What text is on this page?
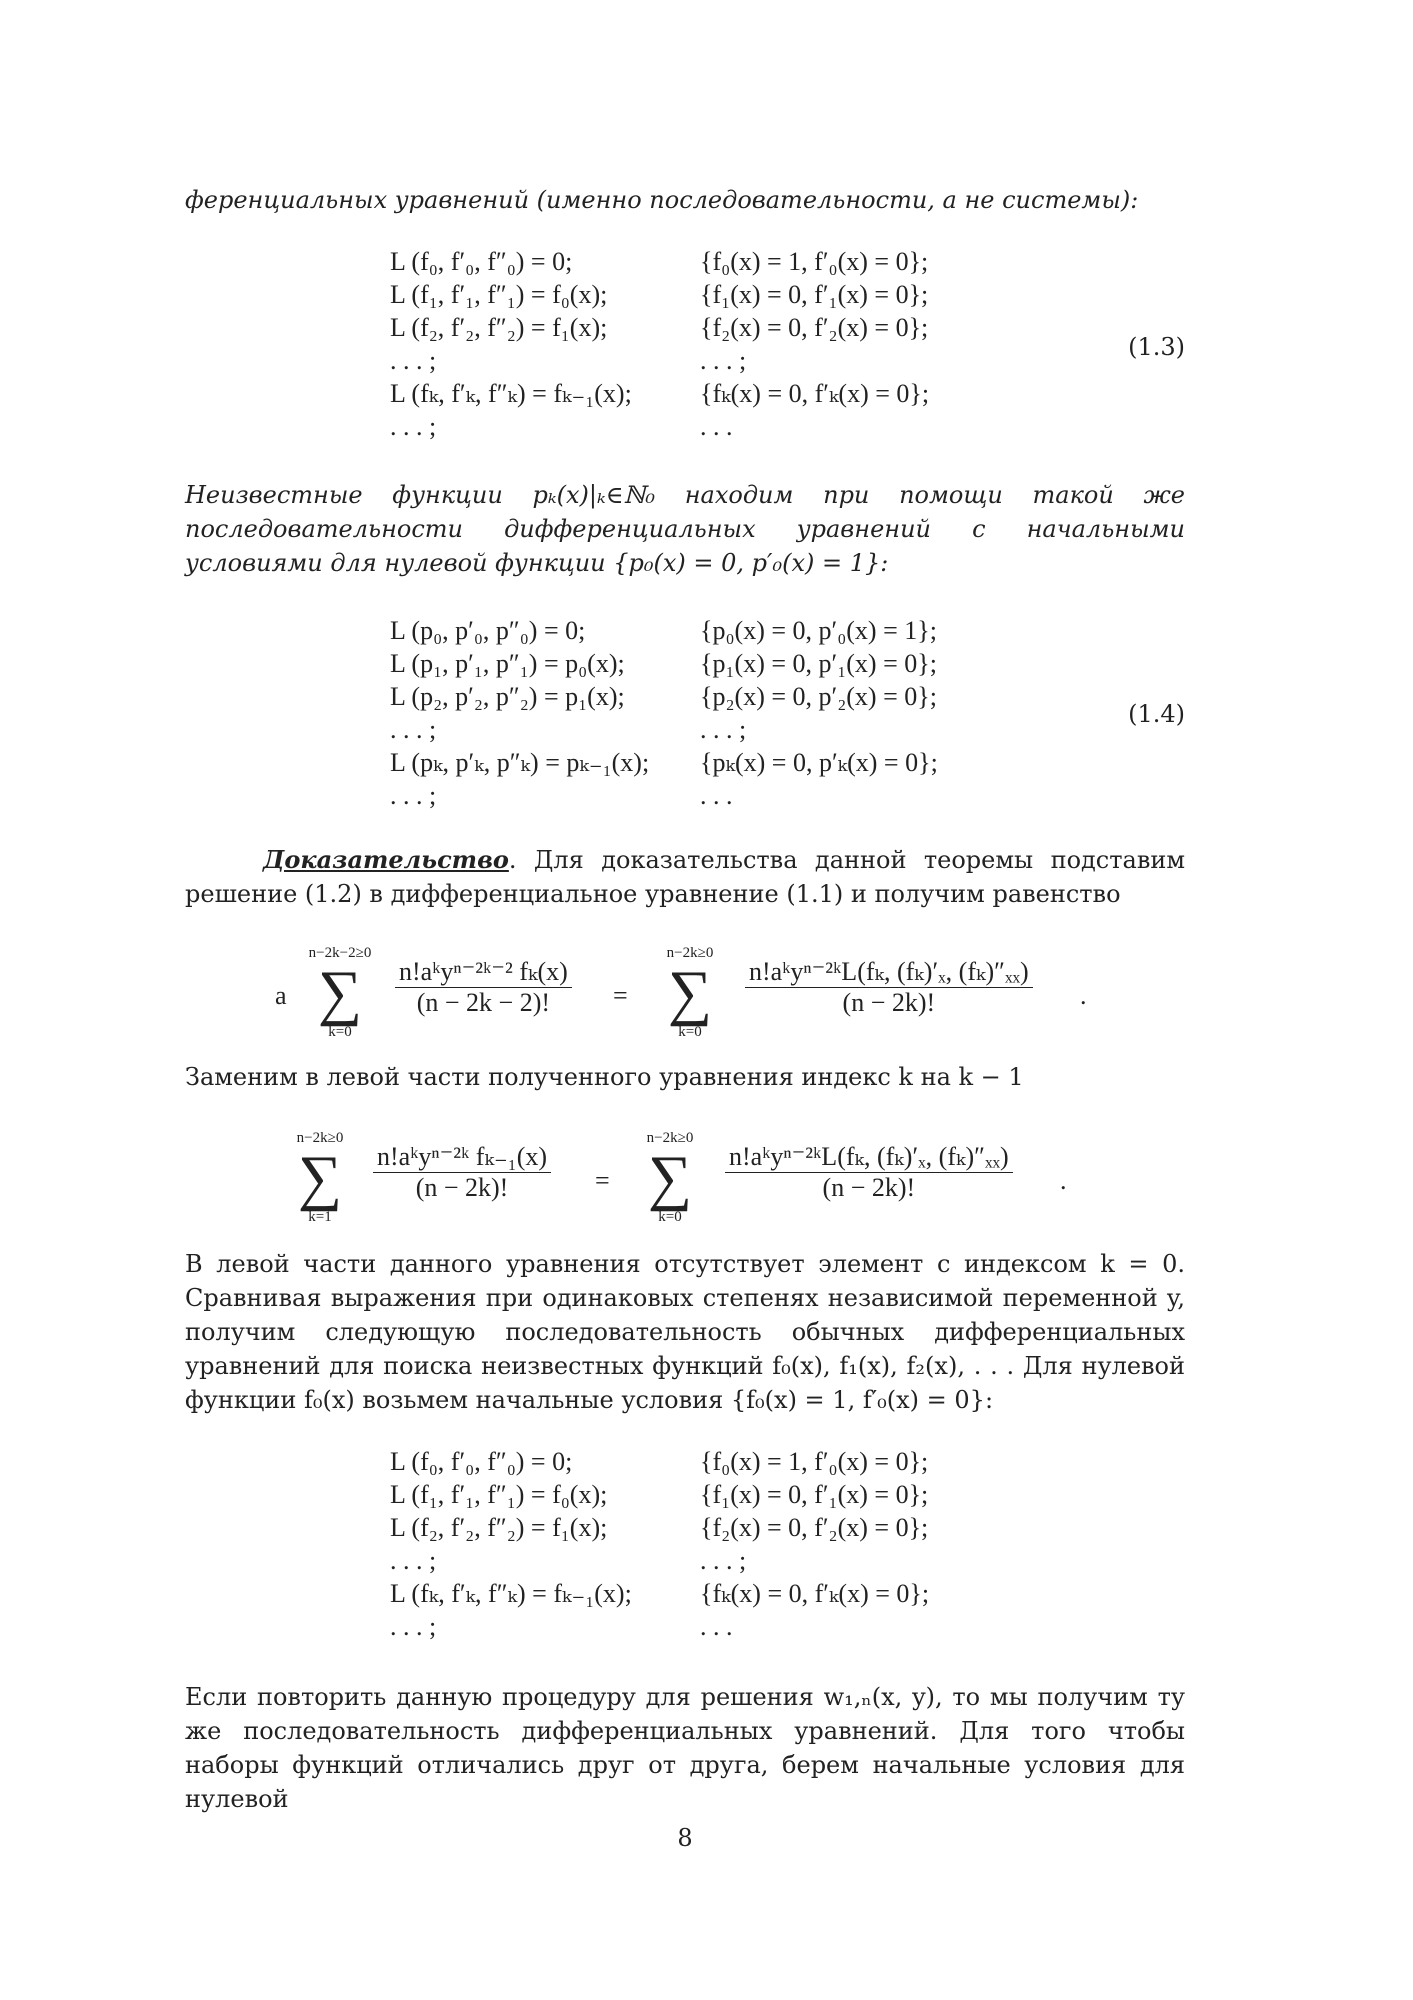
ференциальных уравнений (именно последовательности, а не системы):

L (f₀, f′₀, f″₀) = 0;	{f₀(x) = 1, f′₀(x) = 0};
L (f₁, f′₁, f″₁) = f₀(x);	{f₁(x) = 0, f′₁(x) = 0};
L (f₂, f′₂, f″₂) = f₁(x);	{f₂(x) = 0, f′₂(x) = 0};
. . . ;	. . . ;
L (fₖ, f′ₖ, f″ₖ) = fₖ₋₁(x);	{fₖ(x) = 0, f′ₖ(x) = 0};
. . . ;	. . .
(1.3)

Неизвестные функции pₖ(x)|ₖ∈ℕ₀ находим при помощи такой же последовательности дифференциальных уравнений с начальными условиями для нулевой функции {p₀(x) = 0, p′₀(x) = 1}:

L (p₀, p′₀, p″₀) = 0;	{p₀(x) = 0, p′₀(x) = 1};
L (p₁, p′₁, p″₁) = p₀(x);	{p₁(x) = 0, p′₁(x) = 0};
L (p₂, p′₂, p″₂) = p₁(x);	{p₂(x) = 0, p′₂(x) = 0};
. . . ;	. . . ;
L (pₖ, p′ₖ, p″ₖ) = pₖ₋₁(x); {pₖ(x) = 0, p′ₖ(x) = 0};
. . . ;	. . .
(1.4)

Доказательство. Для доказательства данной теоремы подставим решение (1.2) в дифференциальное уравнение (1.1) и получим равенство

a
n−2k−2≥0
∑
k=0
n!aᵏyⁿ⁻²ᵏ⁻² fₖ(x)
(n − 2k − 2)!	=
n−2k≥0
∑
k=0
n!aᵏyⁿ⁻²ᵏL(fₖ, (fₖ)′ₓ, (fₖ)″ₓₓ)
(n − 2k)!	.

Заменим в левой части полученного уравнения индекс k на k − 1

n−2k≥0
∑
k=1
n!aᵏyⁿ⁻²ᵏ fₖ₋₁(x)
(n − 2k)!	=
n−2k≥0
∑
k=0
n!aᵏyⁿ⁻²ᵏL(fₖ, (fₖ)′ₓ, (fₖ)″ₓₓ)
(n − 2k)!	.

В левой части данного уравнения отсутствует элемент с индексом k = 0. Сравнивая выражения при одинаковых степенях независимой переменной y, получим следующую последовательность обычных дифференциальных уравнений для поиска неизвестных функций f₀(x), f₁(x), f₂(x), . . . Для нулевой функции f₀(x) возьмем начальные условия {f₀(x) = 1, f′₀(x) = 0}:

L (f₀, f′₀, f″₀) = 0;	{f₀(x) = 1, f′₀(x) = 0};
L (f₁, f′₁, f″₁) = f₀(x);	{f₁(x) = 0, f′₁(x) = 0};
L (f₂, f′₂, f″₂) = f₁(x);	{f₂(x) = 0, f′₂(x) = 0};
. . . ;	. . . ;
L (fₖ, f′ₖ, f″ₖ) = fₖ₋₁(x);	{fₖ(x) = 0, f′ₖ(x) = 0};
. . . ;	. . .

Если повторить данную процедуру для решения w₁,ₙ(x, y), то мы получим ту же последовательность дифференциальных уравнений. Для того чтобы наборы функций отличались друг от друга, берем начальные условия для нулевой

8
